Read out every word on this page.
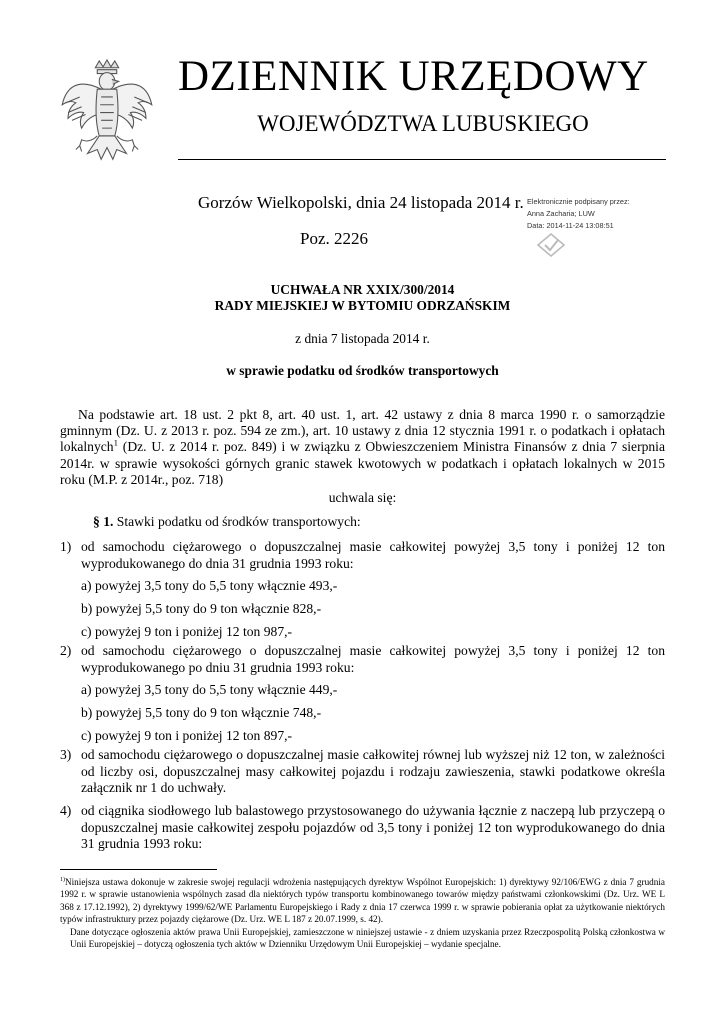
DZIENNIK URZĘDOWY
WOJEWÓDZTWA LUBUSKIEGO
Gorzów Wielkopolski, dnia 24 listopada 2014 r.
Poz. 2226
Elektronicznie podpisany przez:
Anna Zacharia; LUW
Data: 2014-11-24 13:08:51
UCHWAŁA NR XXIX/300/2014
RADY MIEJSKIEJ W BYTOMIU ODRZAŃSKIM
z dnia 7 listopada 2014 r.
w sprawie podatku od środków transportowych
Na podstawie art. 18 ust. 2 pkt 8, art. 40 ust. 1, art. 42 ustawy z dnia 8 marca 1990 r. o samorządzie gminnym (Dz. U. z 2013 r. poz. 594 ze zm.), art. 10 ustawy z dnia 12 stycznia 1991 r. o podatkach i opłatach lokalnych$^1$ (Dz. U. z 2014 r. poz. 849) i w związku z Obwieszczeniem Ministra Finansów z dnia 7 sierpnia 2014r. w sprawie wysokości górnych granic stawek kwotowych w podatkach i opłatach lokalnych w 2015 roku (M.P. z 2014r., poz. 718)
uchwala się:
§ 1. Stawki podatku od środków transportowych:
1) od samochodu ciężarowego o dopuszczalnej masie całkowitej powyżej 3,5 tony i poniżej 12 ton wyprodukowanego do dnia 31 grudnia 1993 roku:
a) powyżej 3,5 tony do 5,5 tony włącznie 493,-
b) powyżej 5,5 tony do 9 ton włącznie 828,-
c) powyżej 9 ton i poniżej 12 ton 987,-
2) od samochodu ciężarowego o dopuszczalnej masie całkowitej powyżej 3,5 tony i poniżej 12 ton wyprodukowanego po dniu 31 grudnia 1993 roku:
a) powyżej 3,5 tony do 5,5 tony włącznie 449,-
b) powyżej 5,5 tony do 9 ton włącznie 748,-
c) powyżej 9 ton i poniżej 12 ton 897,-
3) od samochodu ciężarowego o dopuszczalnej masie całkowitej równej lub wyższej niż 12 ton, w zależności od liczby osi, dopuszczalnej masy całkowitej pojazdu i rodzaju zawieszenia, stawki podatkowe określa załącznik nr 1 do uchwały.
4) od ciągnika siodłowego lub balastowego przystosowanego do używania łącznie z naczepą lub przyczepą o dopuszczalnej masie całkowitej zespołu pojazdów od 3,5 tony i poniżej 12 ton wyprodukowanego do dnia 31 grudnia 1993 roku:
$^{1)}$Niniejsza ustawa dokonuje w zakresie swojej regulacji wdrożenia następujących dyrektyw Wspólnot Europejskich: 1) dyrektywy 92/106/EWG z dnia 7 grudnia 1992 r. w sprawie ustanowienia wspólnych zasad dla niektórych typów transportu kombinowanego towarów między państwami członkowskimi (Dz. Urz. WE L 368 z 17.12.1992), 2) dyrektywy 1999/62/WE Parlamentu Europejskiego i Rady z dnia 17 czerwca 1999 r. w sprawie pobierania opłat za użytkowanie niektórych typów infrastruktury przez pojazdy ciężarowe (Dz. Urz. WE L 187 z 20.07.1999, s. 42).
Dane dotyczące ogłoszenia aktów prawa Unii Europejskiej, zamieszczone w niniejszej ustawie - z dniem uzyskania przez Rzeczpospolitą Polską członkostwa w Unii Europejskiej – dotyczą ogłoszenia tych aktów w Dzienniku Urzędowym Unii Europejskiej – wydanie specjalne.
